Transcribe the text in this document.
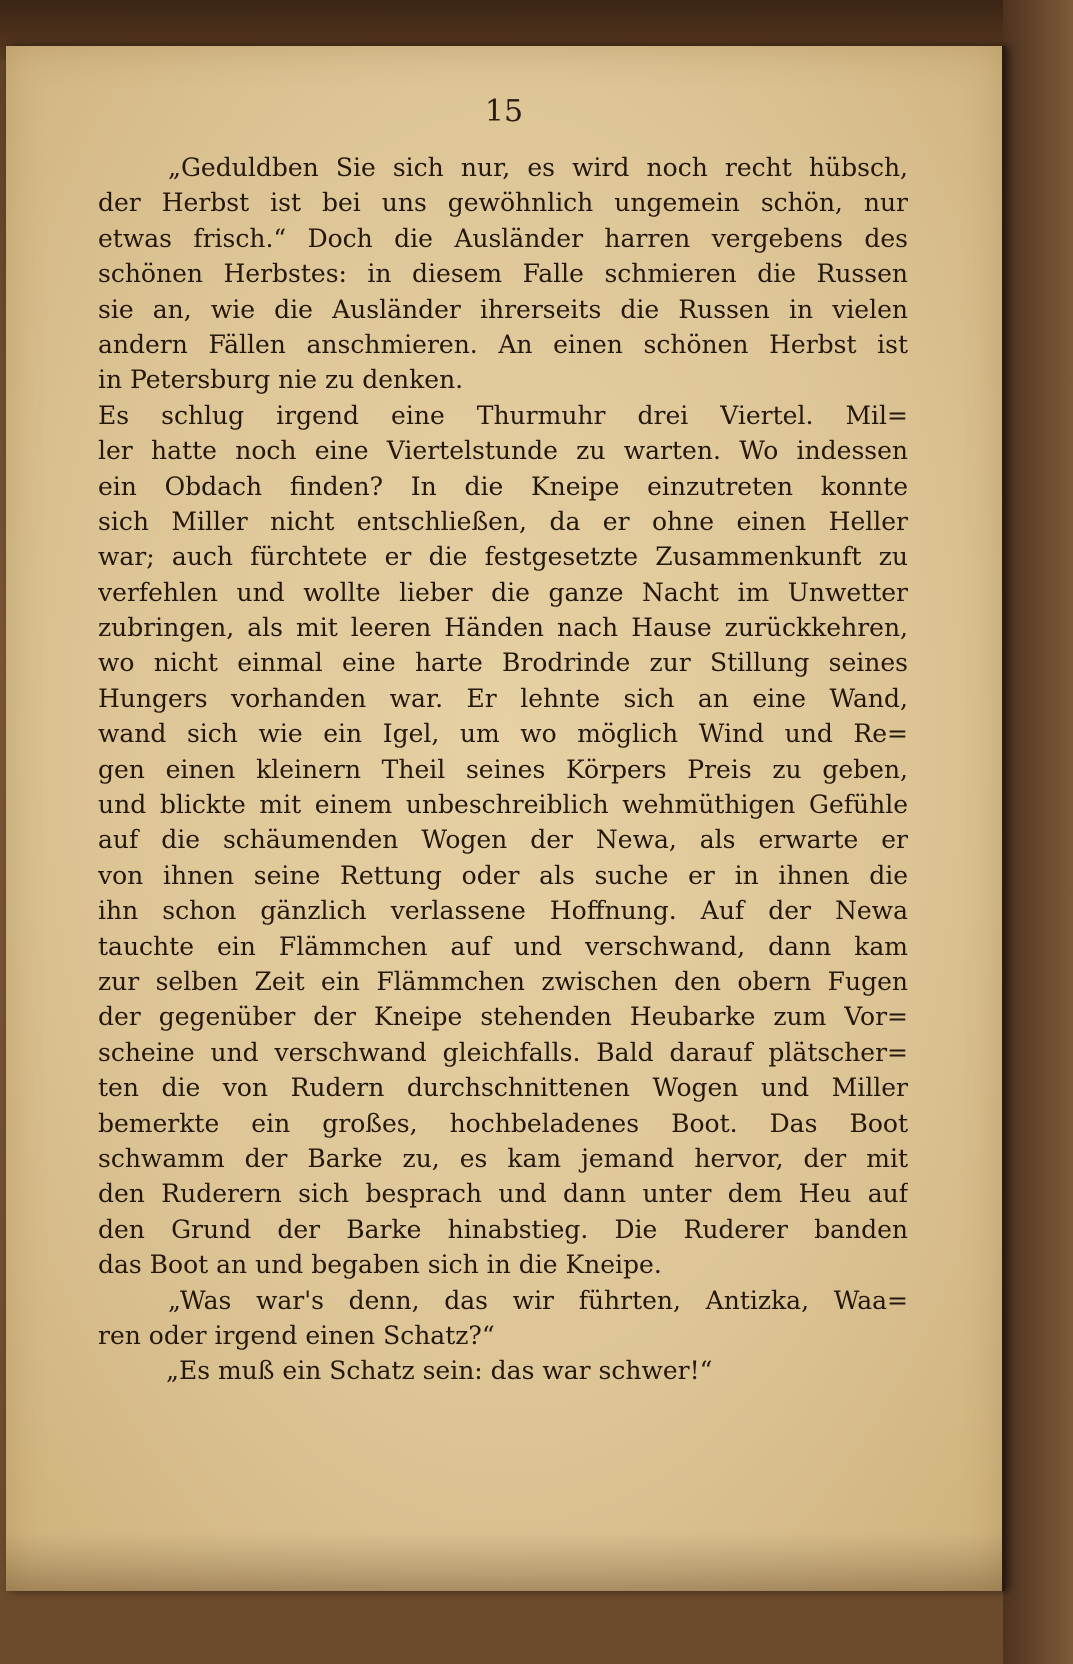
15
„Geduldben Sie sich nur, es wird noch recht hübsch,
der Herbst ist bei uns gewöhnlich ungemein schön, nur
etwas frisch.“ Doch die Ausländer harren vergebens des
schönen Herbstes: in diesem Falle schmieren die Russen
sie an, wie die Ausländer ihrerseits die Russen in vielen
andern Fällen anschmieren. An einen schönen Herbst ist
in Petersburg nie zu denken.
Es schlug irgend eine Thurmuhr drei Viertel. Mil=
ler hatte noch eine Viertelstunde zu warten. Wo indessen
ein Obdach finden? In die Kneipe einzutreten konnte
sich Miller nicht entschließen, da er ohne einen Heller
war; auch fürchtete er die festgesetzte Zusammenkunft zu
verfehlen und wollte lieber die ganze Nacht im Unwetter
zubringen, als mit leeren Händen nach Hause zurückkehren,
wo nicht einmal eine harte Brodrinde zur Stillung seines
Hungers vorhanden war. Er lehnte sich an eine Wand,
wand sich wie ein Igel, um wo möglich Wind und Re=
gen einen kleinern Theil seines Körpers Preis zu geben,
und blickte mit einem unbeschreiblich wehmüthigen Gefühle
auf die schäumenden Wogen der Newa, als erwarte er
von ihnen seine Rettung oder als suche er in ihnen die
ihn schon gänzlich verlassene Hoffnung. Auf der Newa
tauchte ein Flämmchen auf und verschwand, dann kam
zur selben Zeit ein Flämmchen zwischen den obern Fugen
der gegenüber der Kneipe stehenden Heubarke zum Vor=
scheine und verschwand gleichfalls. Bald darauf plätscher=
ten die von Rudern durchschnittenen Wogen und Miller
bemerkte ein großes, hochbeladenes Boot. Das Boot
schwamm der Barke zu, es kam jemand hervor, der mit
den Ruderern sich besprach und dann unter dem Heu auf
den Grund der Barke hinabstieg. Die Ruderer banden
das Boot an und begaben sich in die Kneipe.
„Was war's denn, das wir führten, Antizka, Waa=
ren oder irgend einen Schatz?“
„Es muß ein Schatz sein: das war schwer!“
